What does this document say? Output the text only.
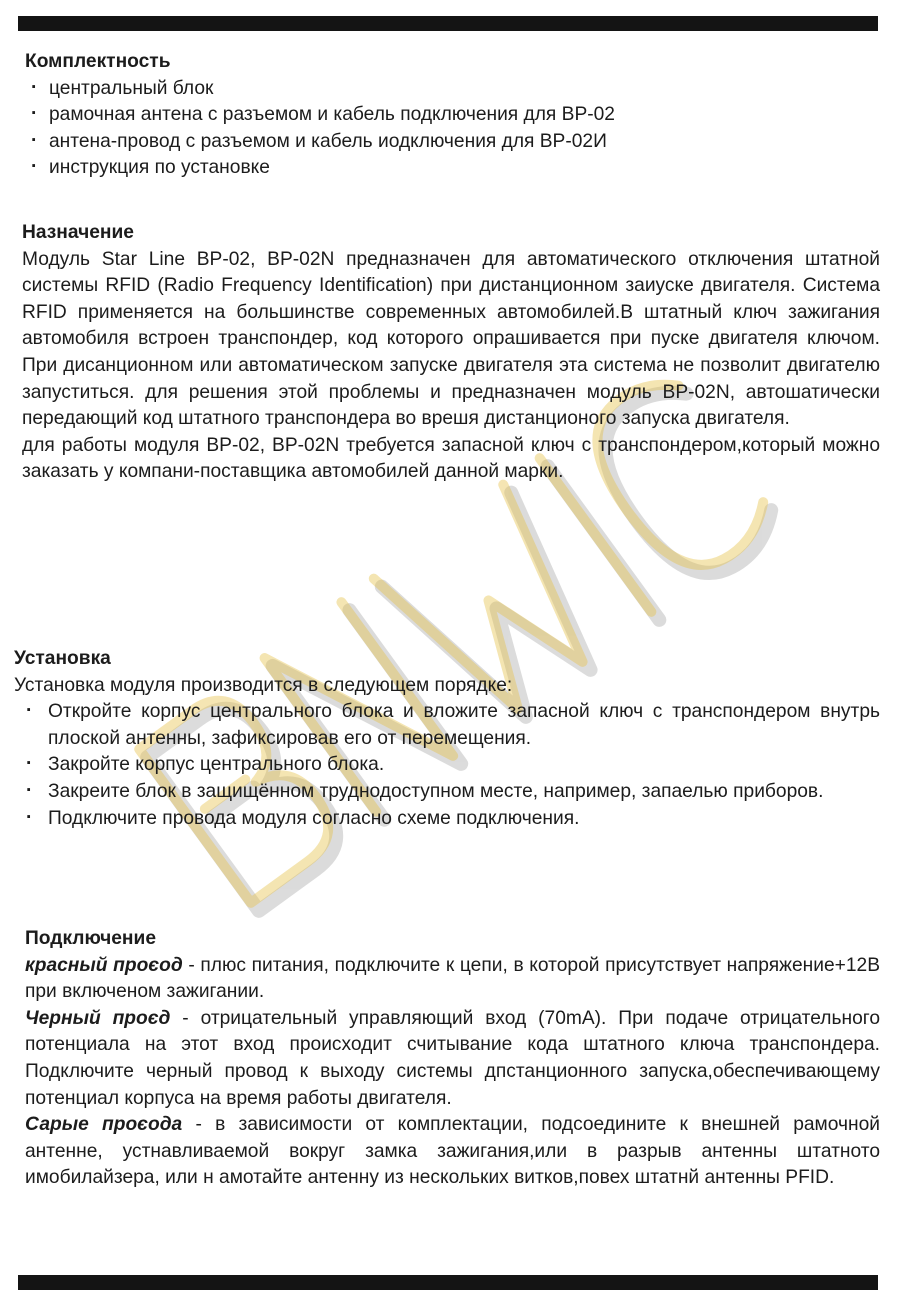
Комплектность
· центральный блок
· рамочная антена с разъемом и кабель подключения для BP-02
· антена-провод с разъемом и кабель иодключения для BP-02И
· инструкция по установке
Назначение

Модуль Star Line BP-02, BP-02N предназначен для автоматического отключения штатной системы RFID (Radio Frequency Identification) при дистанционном заиуске двигателя. Система RFID применяется на большинстве современных автомобилей.В штатный ключ зажигания автомобиля встроен транспондер, код которого опрашивается при пуске двигателя ключом. При дисанционном или автоматическом запуске двигателя эта система не позволит двигателю запуститься. для решения этой проблемы и предназначен модуль BP-02N, автошатически передающий код штатного транспондера во врешя дистанционого запуска двигателя.

для работы модуля BP-02, BP-02N требуется запасной ключ с транспондером,который можно заказать у компани-поставщика автомобилей данной марки.

Установка

Установка модуля производится в следующем порядке:

· Откройте корпус центрального блока и вложите запасной ключ с транспондером внутрь плоской антенны, зафиксировав его от перемещения.
· Закройте корпус центрального блока.
· Закреите блок в защищённом труднодоступном месте, например, запаелью приборов.
· Подключите провода модуля согласно схеме подключения.
Подключение

красный проєод - плюс питания, подключите к цепи, в которой присутствует напряжение+12В при включеном зажигании.

Черный проєд - отрицательный управляющий вход (70mA). При подаче отрицательного потенциала на этот вход происходит считывание кода штатного ключа транспондера. Подключите черный провод к выходу системы дпстанционного запуска,обеспечивающему потенциал корпуса на время работы двигателя.

Сарые проєода - в зависимости от комплектации, подсоедините к внешней рамочной антенне, устнавливаемой вокруг замка зажигания,или в разрыв антенны штатното имобилайзера, или н амотайте антенну из нескольких витков,повех штатнй антенны PFID.
